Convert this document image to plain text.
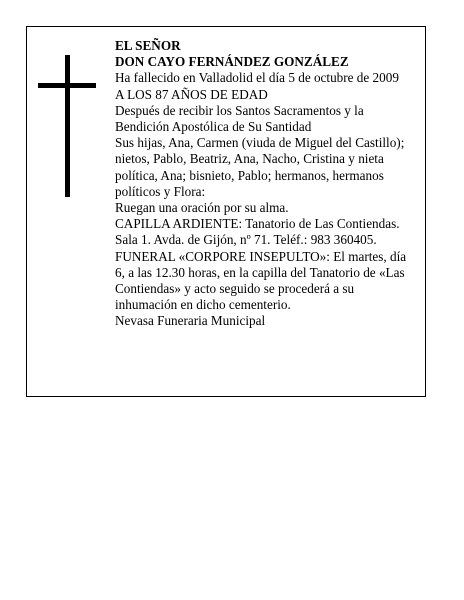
EL SEÑOR

DON CAYO FERNÁNDEZ GONZÁLEZ

Ha fallecido en Valladolid el día 5 de octubre de 2009

A LOS 87 AÑOS DE EDAD

Después de recibir los Santos Sacramentos y la Bendición Apostólica de Su Santidad

Sus hijas, Ana, Carmen (viuda de Miguel del Castillo); nietos, Pablo, Beatriz, Ana, Nacho, Cristina y nieta política, Ana; bisnieto, Pablo; hermanos, hermanos políticos y Flora:

Ruegan una oración por su alma.

CAPILLA ARDIENTE: Tanatorio de Las Contiendas. Sala 1. Avda. de Gijón, nº 71. Teléf.: 983 360405.

FUNERAL «CORPORE INSEPULTO»: El martes, día 6, a las 12.30 horas, en la capilla del Tanatorio de «Las Contiendas» y acto seguido se procederá a su inhumación en dicho cementerio.

Nevasa Funeraria Municipal
